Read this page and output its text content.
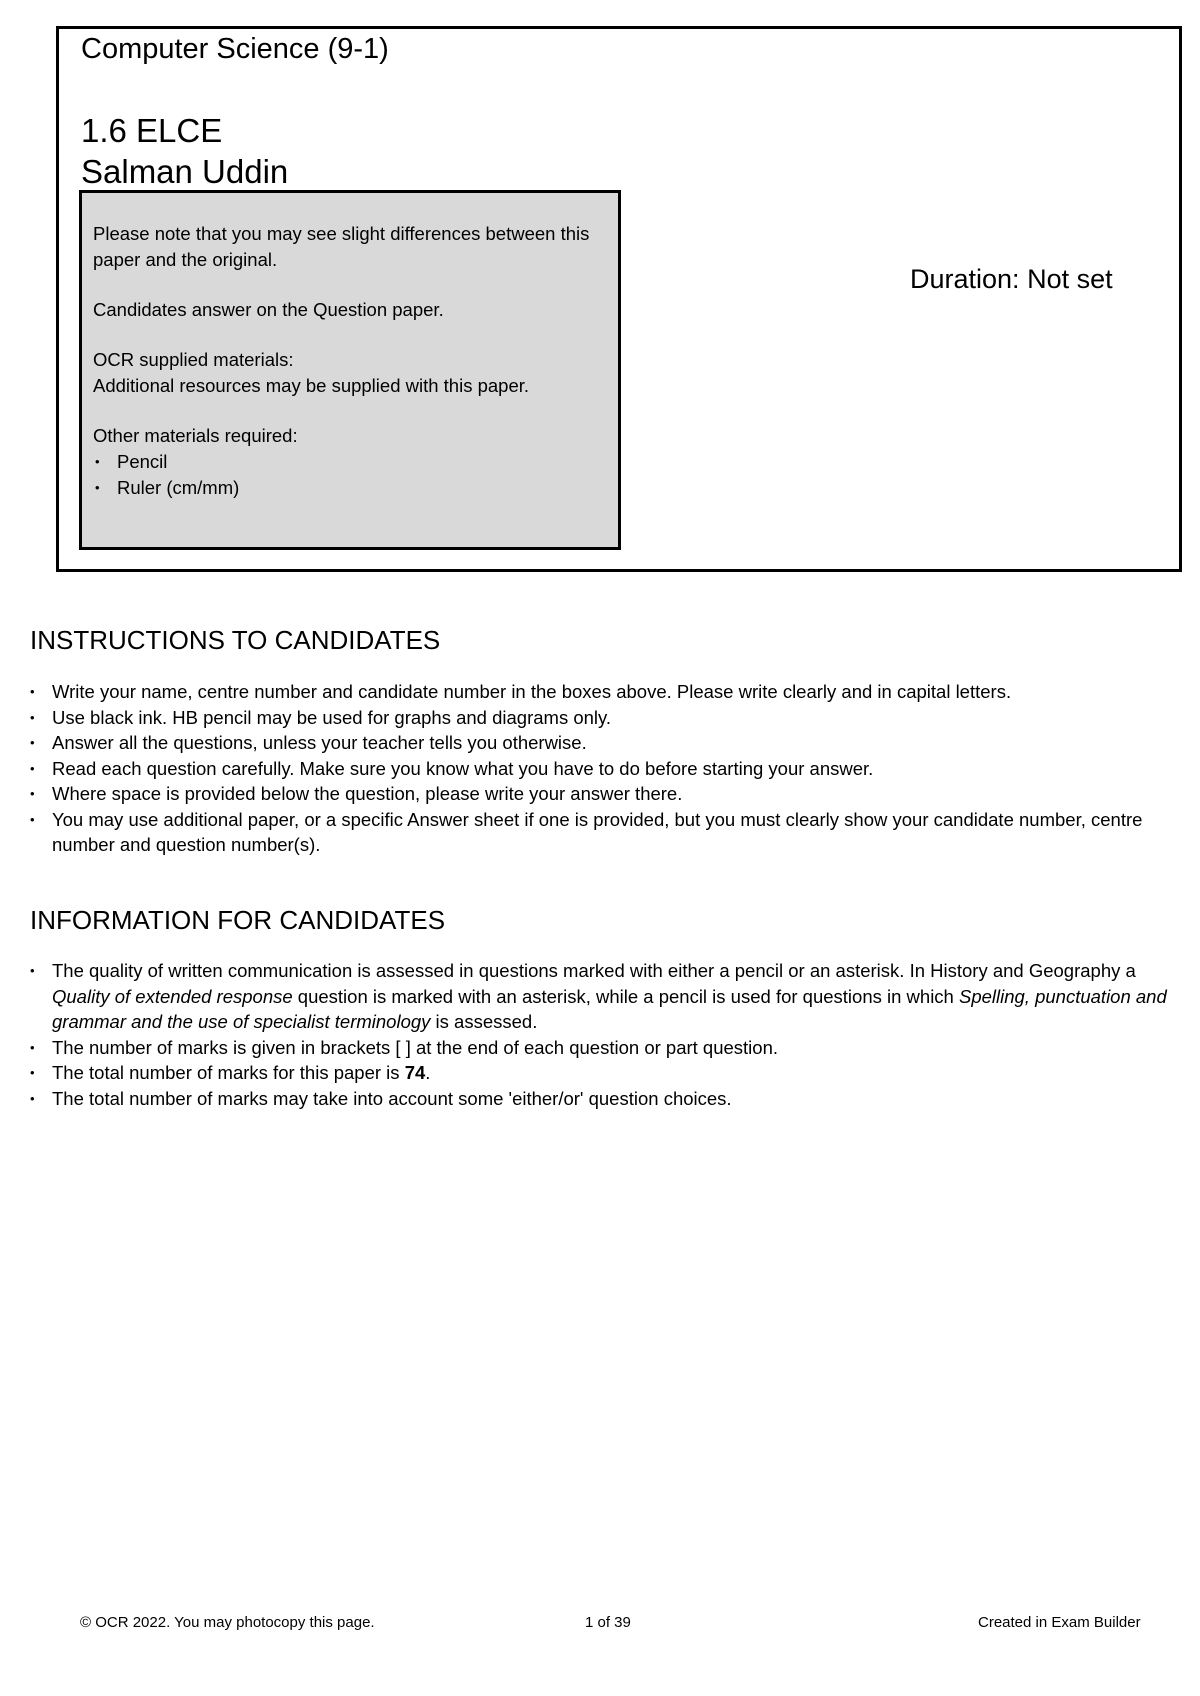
Computer Science (9-1)
1.6 ELCE
Salman Uddin

Please note that you may see slight differences between this paper and the original.

Candidates answer on the Question paper.

OCR supplied materials:

Additional resources may be supplied with this paper.

Other materials required:

• Pencil
• Ruler (cm/mm)
Duration: Not set
INSTRUCTIONS TO CANDIDATES
• Write your name, centre number and candidate number in the boxes above. Please write clearly and in capital letters.
• Use black ink. HB pencil may be used for graphs and diagrams only.
• Answer all the questions, unless your teacher tells you otherwise.
• Read each question carefully. Make sure you know what you have to do before starting your answer.
• Where space is provided below the question, please write your answer there.
• You may use additional paper, or a specific Answer sheet if one is provided, but you must clearly show your candidate number, centre number and question number(s).
INFORMATION FOR CANDIDATES
• The quality of written communication is assessed in questions marked with either a pencil or an asterisk. In History and Geography a Quality of extended response question is marked with an asterisk, while a pencil is used for questions in which Spelling, punctuation and grammar and the use of specialist terminology is assessed.
• The number of marks is given in brackets [ ] at the end of each question or part question.
• The total number of marks for this paper is 74.
• The total number of marks may take into account some 'either/or' question choices.
© OCR 2022. You may photocopy this page.	1 of 39	Created in Exam Builder
